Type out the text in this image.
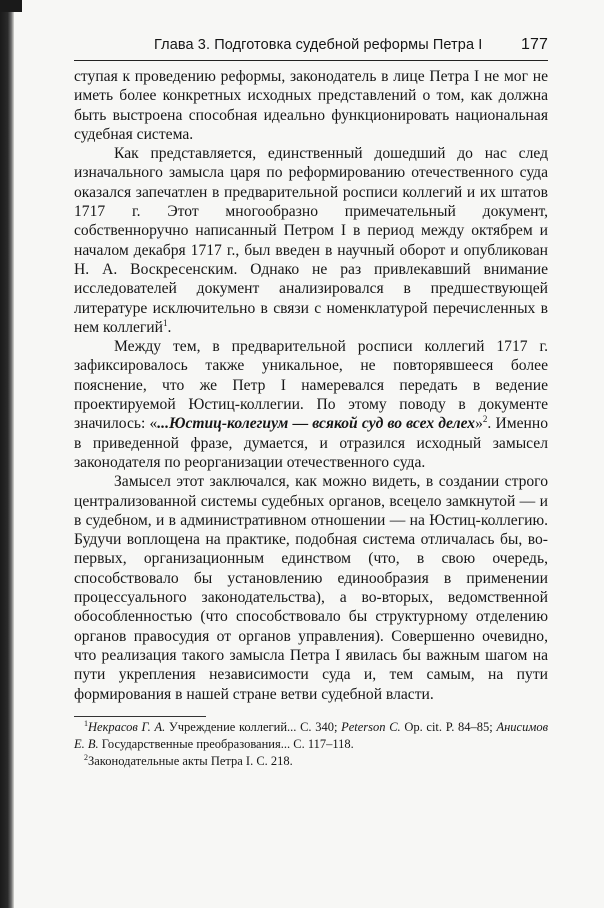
Глава 3. Подготовка судебной реформы Петра I 177

ступая к проведению реформы, законодатель в лице Петра I не мог не иметь более конкретных исходных представлений о том, как должна быть выстроена способная идеально функционировать национальная судебная система.

Как представляется, единственный дошедший до нас след изначального замысла царя по реформированию отечественного суда оказался запечатлен в предварительной росписи коллегий и их штатов 1717 г. Этот многообразно примечательный документ, собственноручно написанный Петром I в период между октябрем и началом декабря 1717 г., был введен в научный оборот и опубликован Н. А. Воскресенским. Однако не раз привлекавший внимание исследователей документ анализировался в предшествующей литературе исключительно в связи с номенклатурой перечисленных в нем коллегий$^1$.

Между тем, в предварительной росписи коллегий 1717 г. зафиксировалось также уникальное, не повторявшееся более пояснение, что же Петр I намеревался передать в ведение проектируемой Юстиц-коллегии. По этому поводу в документе значилось: «...Юстиц-колегиум — всякой суд во всех делех»$^2$. Именно в приведенной фразе, думается, и отразился исходный замысел законодателя по реорганизации отечественного суда.

Замысел этот заключался, как можно видеть, в создании строго централизованной системы судебных органов, всецело замкнутой — и в судебном, и в административном отношении — на Юстиц-коллегию. Будучи воплощена на практике, подобная система отличалась бы, во-первых, организационным единством (что, в свою очередь, способствовало бы установлению единообразия в применении процессуального законодательства), а во-вторых, ведомственной обособленностью (что способствовало бы структурному отделению органов правосудия от органов управления). Совершенно очевидно, что реализация такого замысла Петра I явилась бы важным шагом на пути укрепления независимости суда и, тем самым, на пути формирования в нашей стране ветви судебной власти.

$^1$Некрасов Г. А. Учреждение коллегий... С. 340; Peterson C. Op. cit. P. 84–85; Анисимов Е. В. Государственные преобразования... С. 117–118.

$^2$Законодательные акты Петра I. С. 218.
